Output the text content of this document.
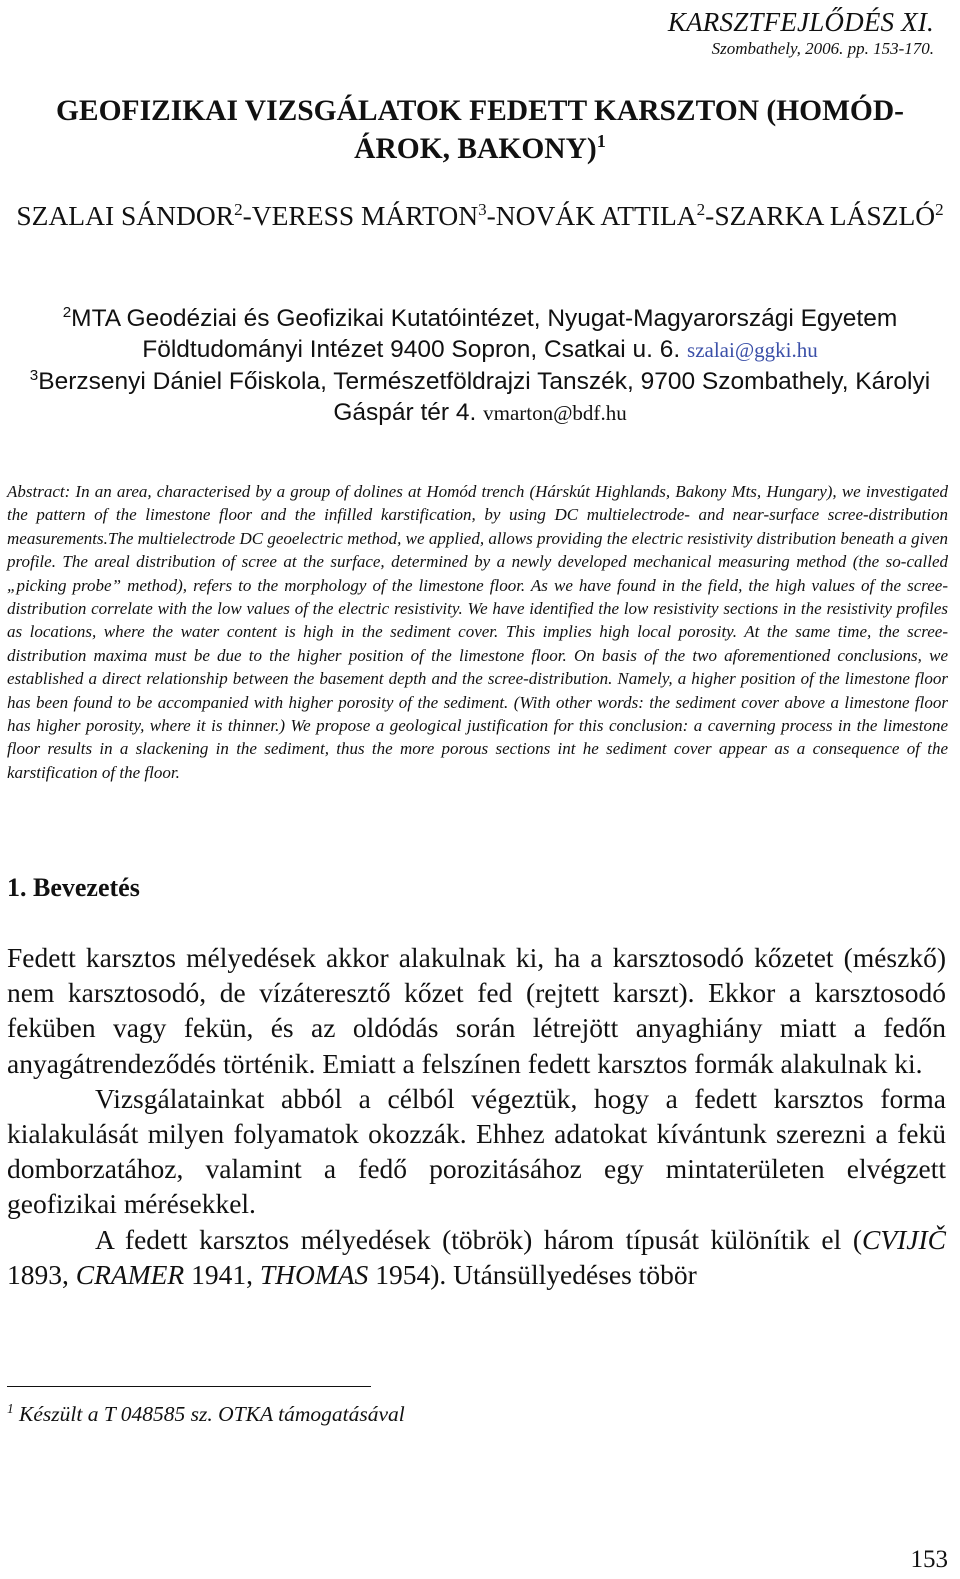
KARSZTFEJLŐDÉS XI.
Szombathely, 2006. pp. 153-170.
GEOFIZIKAI VIZSGÁLATOK FEDETT KARSZTON (HOMÓD-ÁROK, BAKONY)$^1$
SZALAI SÁNDOR$^2$-VERESS MÁRTON$^3$-NOVÁK ATTILA$^2$-SZARKA LÁSZLÓ$^2$
$^2$MTA Geodéziai és Geofizikai Kutatóintézet, Nyugat-Magyarországi Egyetem Földtudományi Intézet 9400 Sopron, Csatkai u. 6. szalai@ggki.hu
$^3$Berzsenyi Dániel Főiskola, Természetföldrajzi Tanszék, 9700 Szombathely, Károlyi Gáspár tér 4. vmarton@bdf.hu
Abstract: In an area, characterised by a group of dolines at Homód trench (Hárskút Highlands, Bakony Mts, Hungary), we investigated the pattern of the limestone floor and the infilled karstification, by using DC multielectrode- and near-surface scree-distribution measurements.The multielectrode DC geoelectric method, we applied, allows providing the electric resistivity distribution beneath a given profile. The areal distribution of scree at the surface, determined by a newly developed mechanical measuring method (the so-called „picking probe” method), refers to the morphology of the limestone floor. As we have found in the field, the high values of the screedistribution correlate with the low values of the electric resistivity. We have identified the low resistivity sections in the resistivity profiles as locations, where the water content is high in the sediment cover. This implies high local porosity. At the same time, the scree-distribution maxima must be due to the higher position of the limestone floor. On basis of the two aforementioned conclusions, we established a direct relationship between the basement depth and the scree-distribution. Namely, a higher position of the limestone floor has been found to be accompanied with higher porosity of the sediment. (With other words: the sediment cover above a limestone floor has higher porosity, where it is thinner.) We propose a geological justification for this conclusion: a caverning process in the limestone floor results in a slackening in the sediment, thus the more porous sections int he sediment cover appear as a consequence of the karstification of the floor.
1. Bevezetés

Fedett karsztos mélyedések akkor alakulnak ki, ha a karsztosodó kőzetet (mészkő) nem karsztosodó, de vízáteresztő kőzet fed (rejtett karszt). Ekkor a karsztosodó feküben vagy fekün, és az oldódás során létrejött anyaghiány miatt a fedőn anyagátrendeződés történik. Emiatt a felszínen fedett karsztos formák alakulnak ki.

Vizsgálatainkat abból a célból végeztük, hogy a fedett karsztos forma kialakulását milyen folyamatok okozzák. Ehhez adatokat kívántunk szerezni a fekü domborzatához, valamint a fedő porozitásához egy mintaterületen elvégzett geofizikai mérésekkel.

A fedett karsztos mélyedések (töbrök) három típusát különítik el (CVIJIČ 1893, CRAMER 1941, THOMAS 1954). Utánsüllyedéses töbör

$^1$ Készült a T 048585 sz. OTKA támogatásával
153
